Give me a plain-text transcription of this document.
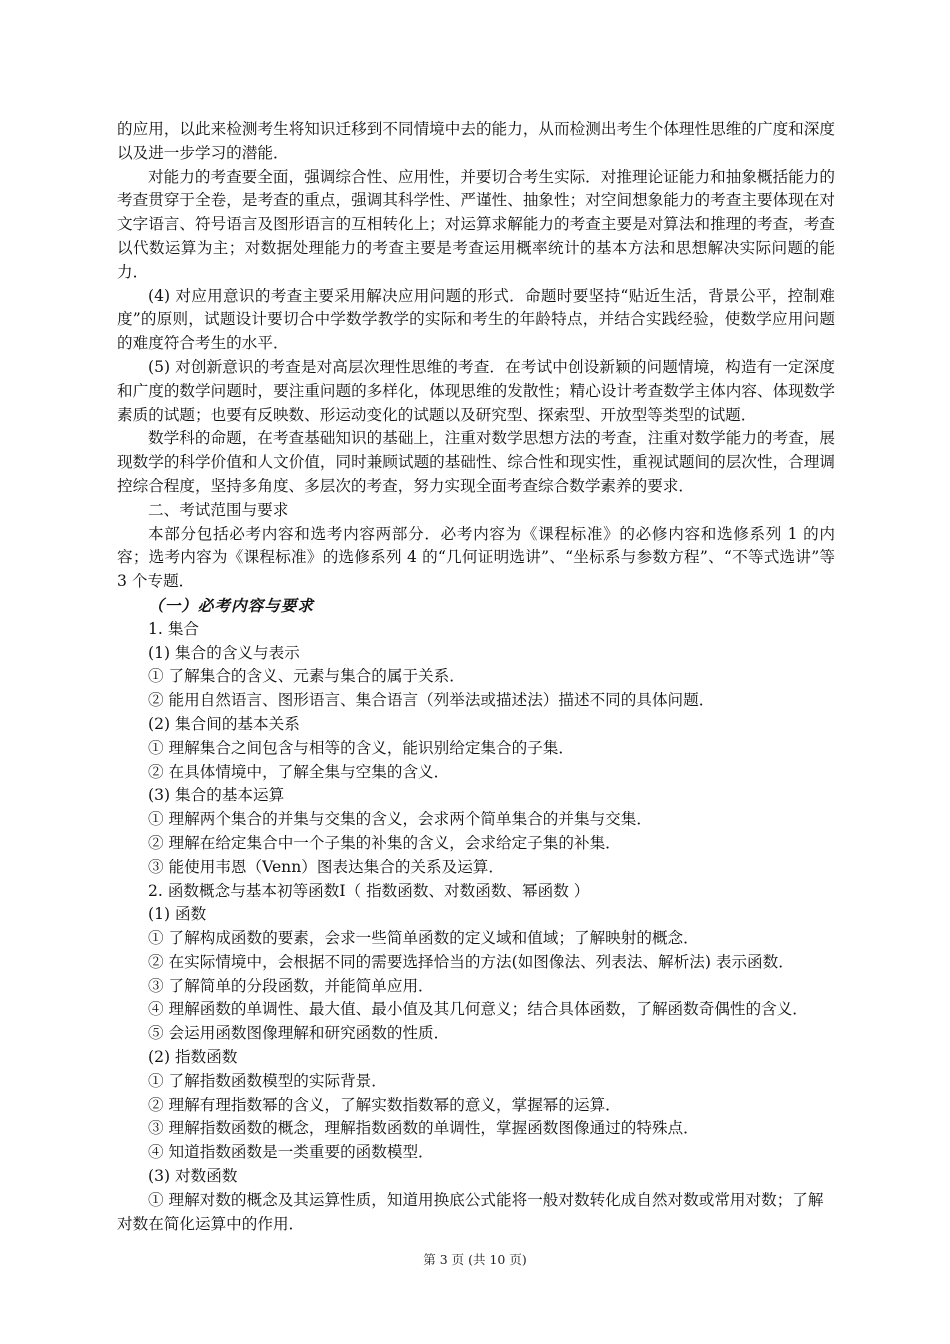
的应用，以此来检测考生将知识迁移到不同情境中去的能力，从而检测出考生个体理性思维的广度和深度以及进一步学习的潜能．

对能力的考查要全面，强调综合性、应用性，并要切合考生实际．对推理论证能力和抽象概括能力的考查贯穿于全卷，是考查的重点，强调其科学性、严谨性、抽象性；对空间想象能力的考查主要体现在对文字语言、符号语言及图形语言的互相转化上；对运算求解能力的考查主要是对算法和推理的考查，考查以代数运算为主；对数据处理能力的考查主要是考查运用概率统计的基本方法和思想解决实际问题的能力．

(4) 对应用意识的考查主要采用解决应用问题的形式．命题时要坚持“贴近生活，背景公平，控制难度”的原则，试题设计要切合中学数学教学的实际和考生的年龄特点，并结合实践经验，使数学应用问题的难度符合考生的水平．

(5) 对创新意识的考查是对高层次理性思维的考查．在考试中创设新颖的问题情境，构造有一定深度和广度的数学问题时，要注重问题的多样化，体现思维的发散性；精心设计考查数学主体内容、体现数学素质的试题；也要有反映数、形运动变化的试题以及研究型、探索型、开放型等类型的试题．

数学科的命题，在考查基础知识的基础上，注重对数学思想方法的考查，注重对数学能力的考查，展现数学的科学价值和人文价值，同时兼顾试题的基础性、综合性和现实性，重视试题间的层次性，合理调控综合程度，坚持多角度、多层次的考查，努力实现全面考查综合数学素养的要求．

二、考试范围与要求

本部分包括必考内容和选考内容两部分．必考内容为《课程标准》的必修内容和选修系列 1 的内容；选考内容为《课程标准》的选修系列 4 的“几何证明选讲”、“坐标系与参数方程”、“不等式选讲”等 3 个专题．

（一）必考内容与要求

1. 集合

(1) 集合的含义与表示

① 了解集合的含义、元素与集合的属于关系．

② 能用自然语言、图形语言、集合语言（列举法或描述法）描述不同的具体问题．

(2) 集合间的基本关系

① 理解集合之间包含与相等的含义，能识别给定集合的子集．

② 在具体情境中，了解全集与空集的含义．

(3) 集合的基本运算

① 理解两个集合的并集与交集的含义，会求两个简单集合的并集与交集．

② 理解在给定集合中一个子集的补集的含义，会求给定子集的补集．

③ 能使用韦恩（Venn）图表达集合的关系及运算．

2. 函数概念与基本初等函数Ⅰ（ 指数函数、对数函数、幂函数 ）

(1) 函数

① 了解构成函数的要素，会求一些简单函数的定义域和值域；了解映射的概念．

② 在实际情境中，会根据不同的需要选择恰当的方法(如图像法、列表法、解析法) 表示函数．

③ 了解简单的分段函数，并能简单应用．

④ 理解函数的单调性、最大值、最小值及其几何意义；结合具体函数，了解函数奇偶性的含义．

⑤ 会运用函数图像理解和研究函数的性质．

(2) 指数函数

① 了解指数函数模型的实际背景．

② 理解有理指数幂的含义，了解实数指数幂的意义，掌握幂的运算．

③ 理解指数函数的概念，理解指数函数的单调性，掌握函数图像通过的特殊点．

④ 知道指数函数是一类重要的函数模型．

(3) 对数函数

① 理解对数的概念及其运算性质，知道用换底公式能将一般对数转化成自然对数或常用对数；了解对数在简化运算中的作用．

第 3 页 (共 10 页)
